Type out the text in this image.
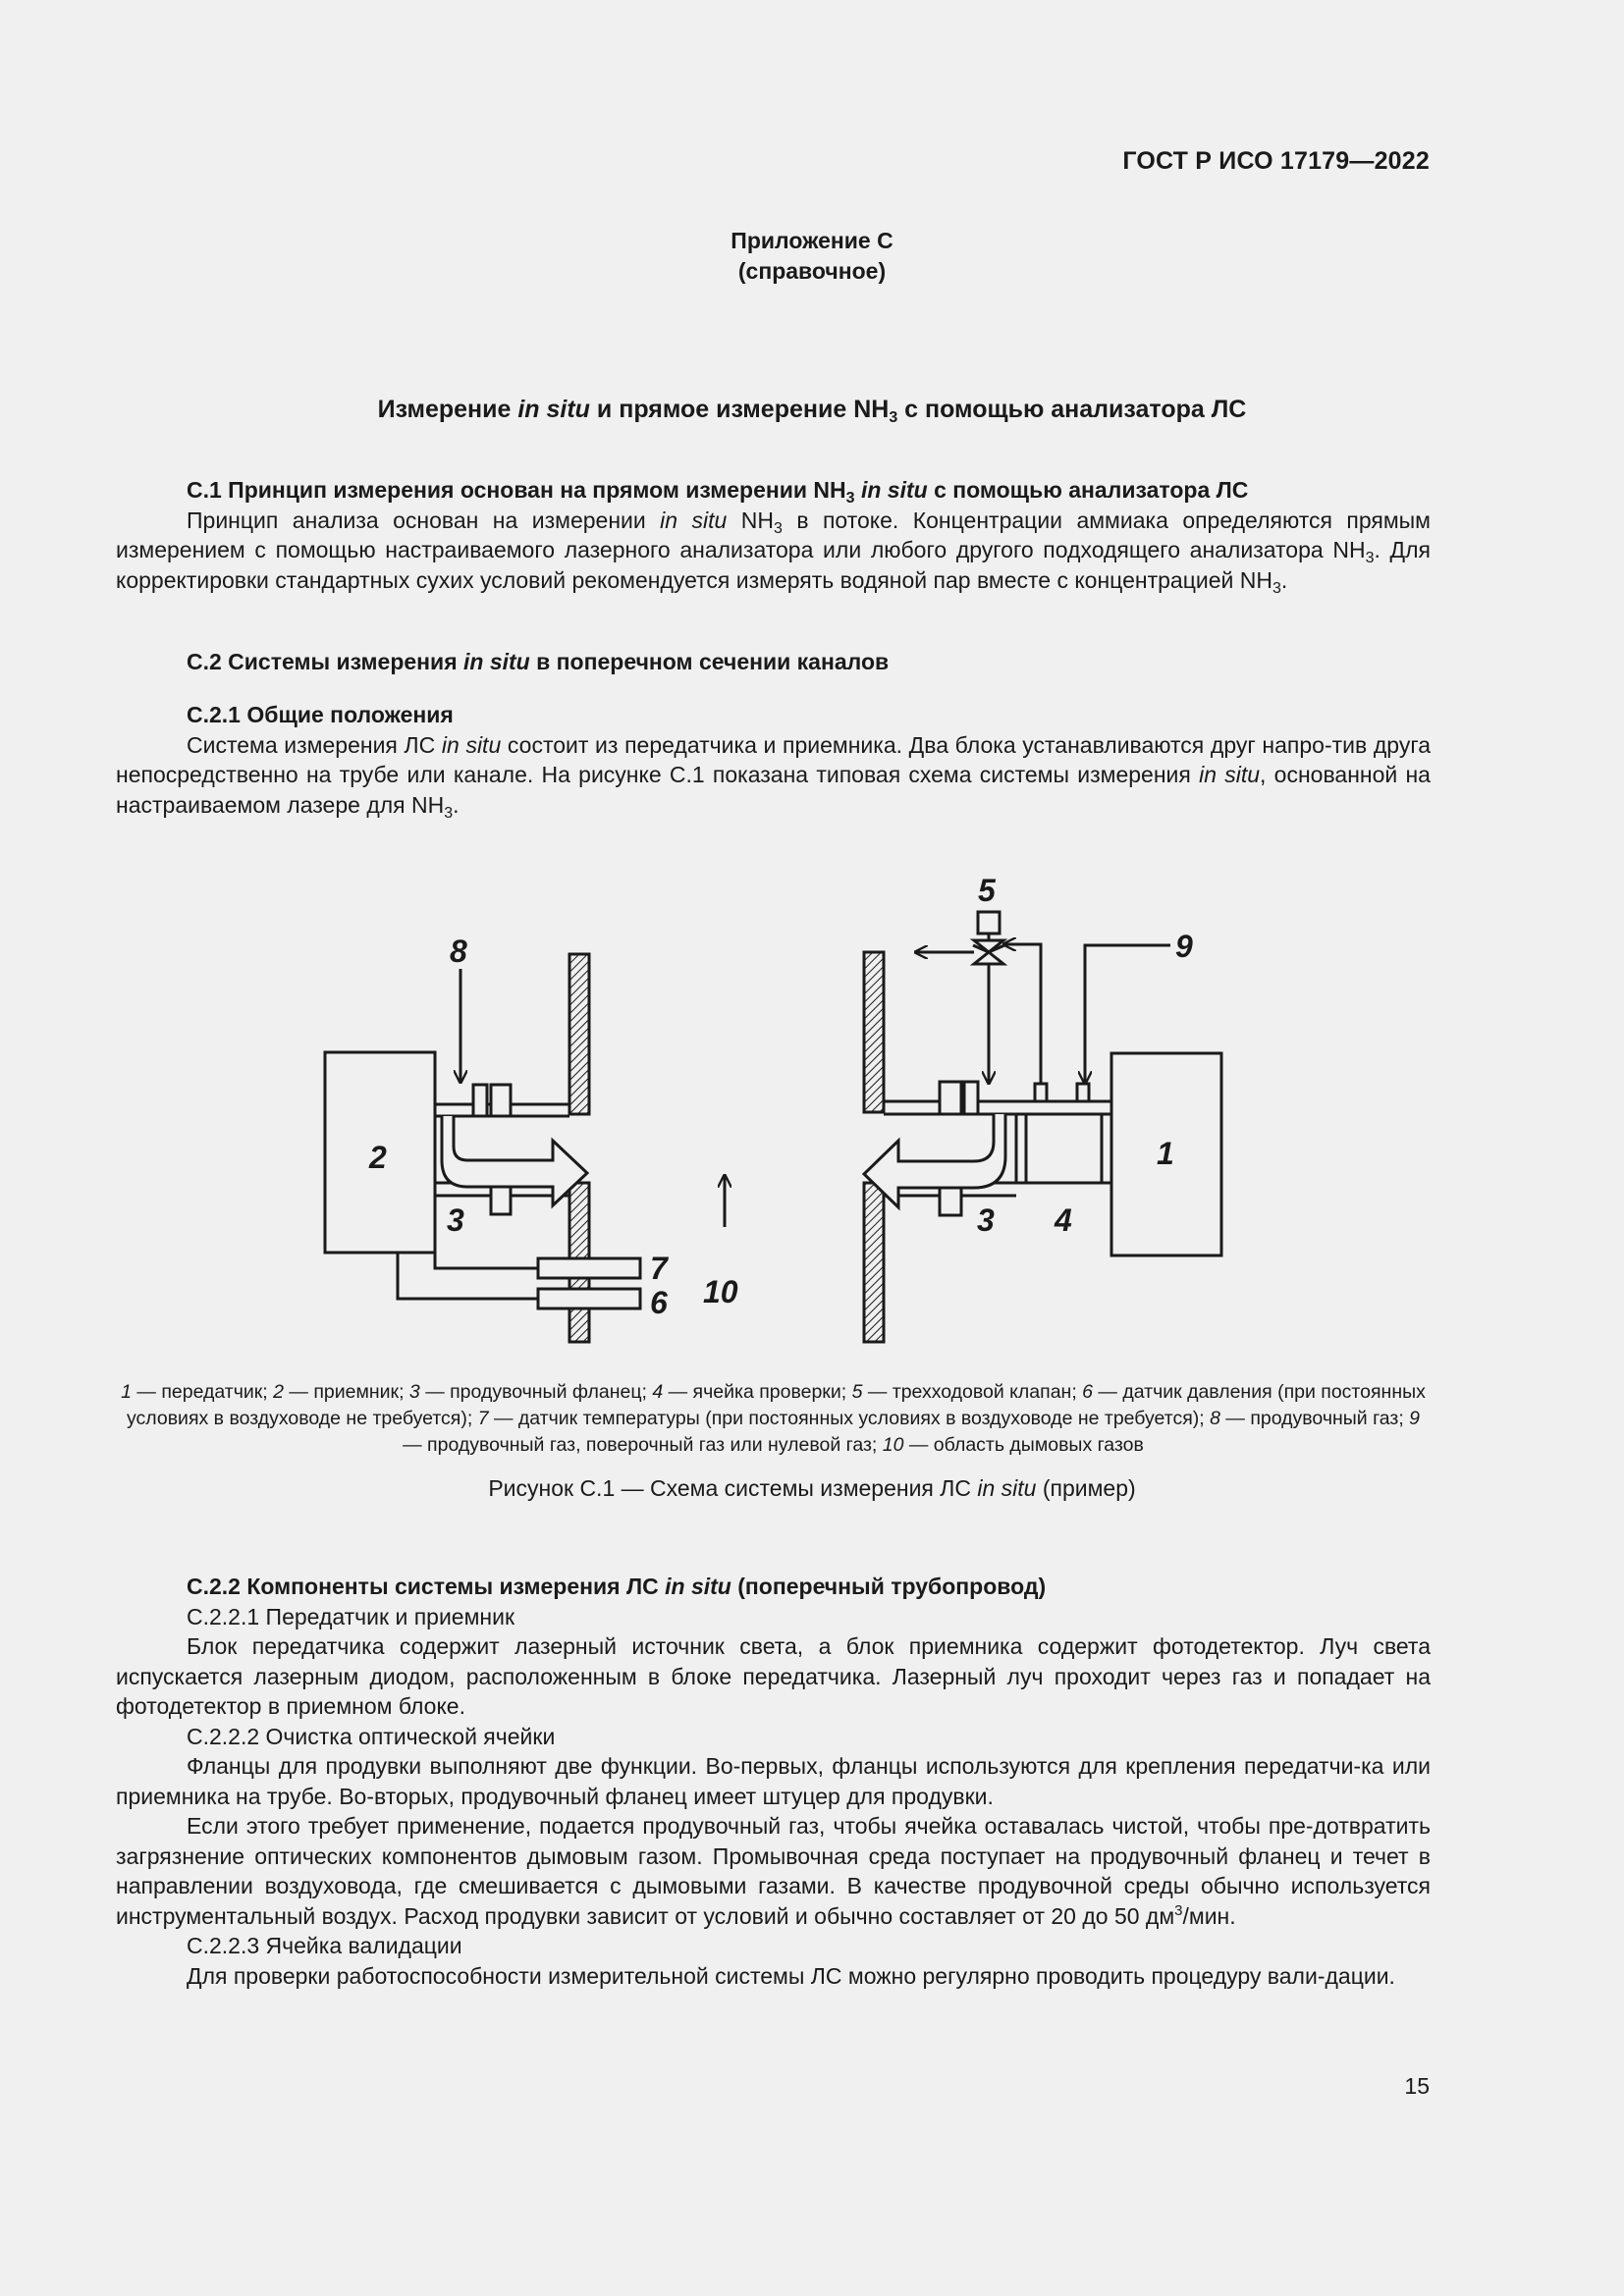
ГОСТ Р ИСО 17179—2022
Приложение С
(справочное)
Измерение in situ и прямое измерение $NH_3$ с помощью анализатора ЛС

С.1 Принцип измерения основан на прямом измерении $NH_3$ in situ с помощью анализатора ЛС

Принцип анализа основан на измерении in situ $NH_3$ в потоке. Концентрации аммиака определяются прямым измерением с помощью настраиваемого лазерного анализатора или любого другого подходящего анализатора $NH_3$. Для корректировки стандартных сухих условий рекомендуется измерять водяной пар вместе с концентрацией $NH_3$.

С.2 Системы измерения in situ в поперечном сечении каналов

С.2.1 Общие положения

Система измерения ЛС in situ состоит из передатчика и приемника. Два блока устанавливаются друг напро-тив друга непосредственно на трубе или канале. На рисунке С.1 показана типовая схема системы измерения in situ, основанной на настраиваемом лазере для $NH_3$.

2
3
8
7
6 10
5
9
1
3 4
1 — передатчик; 2 — приемник; 3 — продувочный фланец; 4 — ячейка проверки; 5 — трехходовой клапан; 6 — датчик давления (при постоянных условиях в воздуховоде не требуется); 7 — датчик температуры (при постоянных условиях в воздуховоде не требуется); 8 — продувочный газ; 9 — продувочный газ, поверочный газ или нулевой газ; 10 — область дымовых газов
Рисунок С.1 — Схема системы измерения ЛС in situ (пример)

С.2.2 Компоненты системы измерения ЛС in situ (поперечный трубопровод)

С.2.2.1 Передатчик и приемник

Блок передатчика содержит лазерный источник света, а блок приемника содержит фотодетектор. Луч света испускается лазерным диодом, расположенным в блоке передатчика. Лазерный луч проходит через газ и попадает на фотодетектор в приемном блоке.

С.2.2.2 Очистка оптической ячейки

Фланцы для продувки выполняют две функции. Во-первых, фланцы используются для крепления передатчи-ка или приемника на трубе. Во-вторых, продувочный фланец имеет штуцер для продувки.

Если этого требует применение, подается продувочный газ, чтобы ячейка оставалась чистой, чтобы пре-дотвратить загрязнение оптических компонентов дымовым газом. Промывочная среда поступает на продувочный фланец и течет в направлении воздуховода, где смешивается с дымовыми газами. В качестве продувочной среды обычно используется инструментальный воздух. Расход продувки зависит от условий и обычно составляет от 20 до 50 $дм^3$/мин.

С.2.2.3 Ячейка валидации

Для проверки работоспособности измерительной системы ЛС можно регулярно проводить процедуру вали-дации.

15
